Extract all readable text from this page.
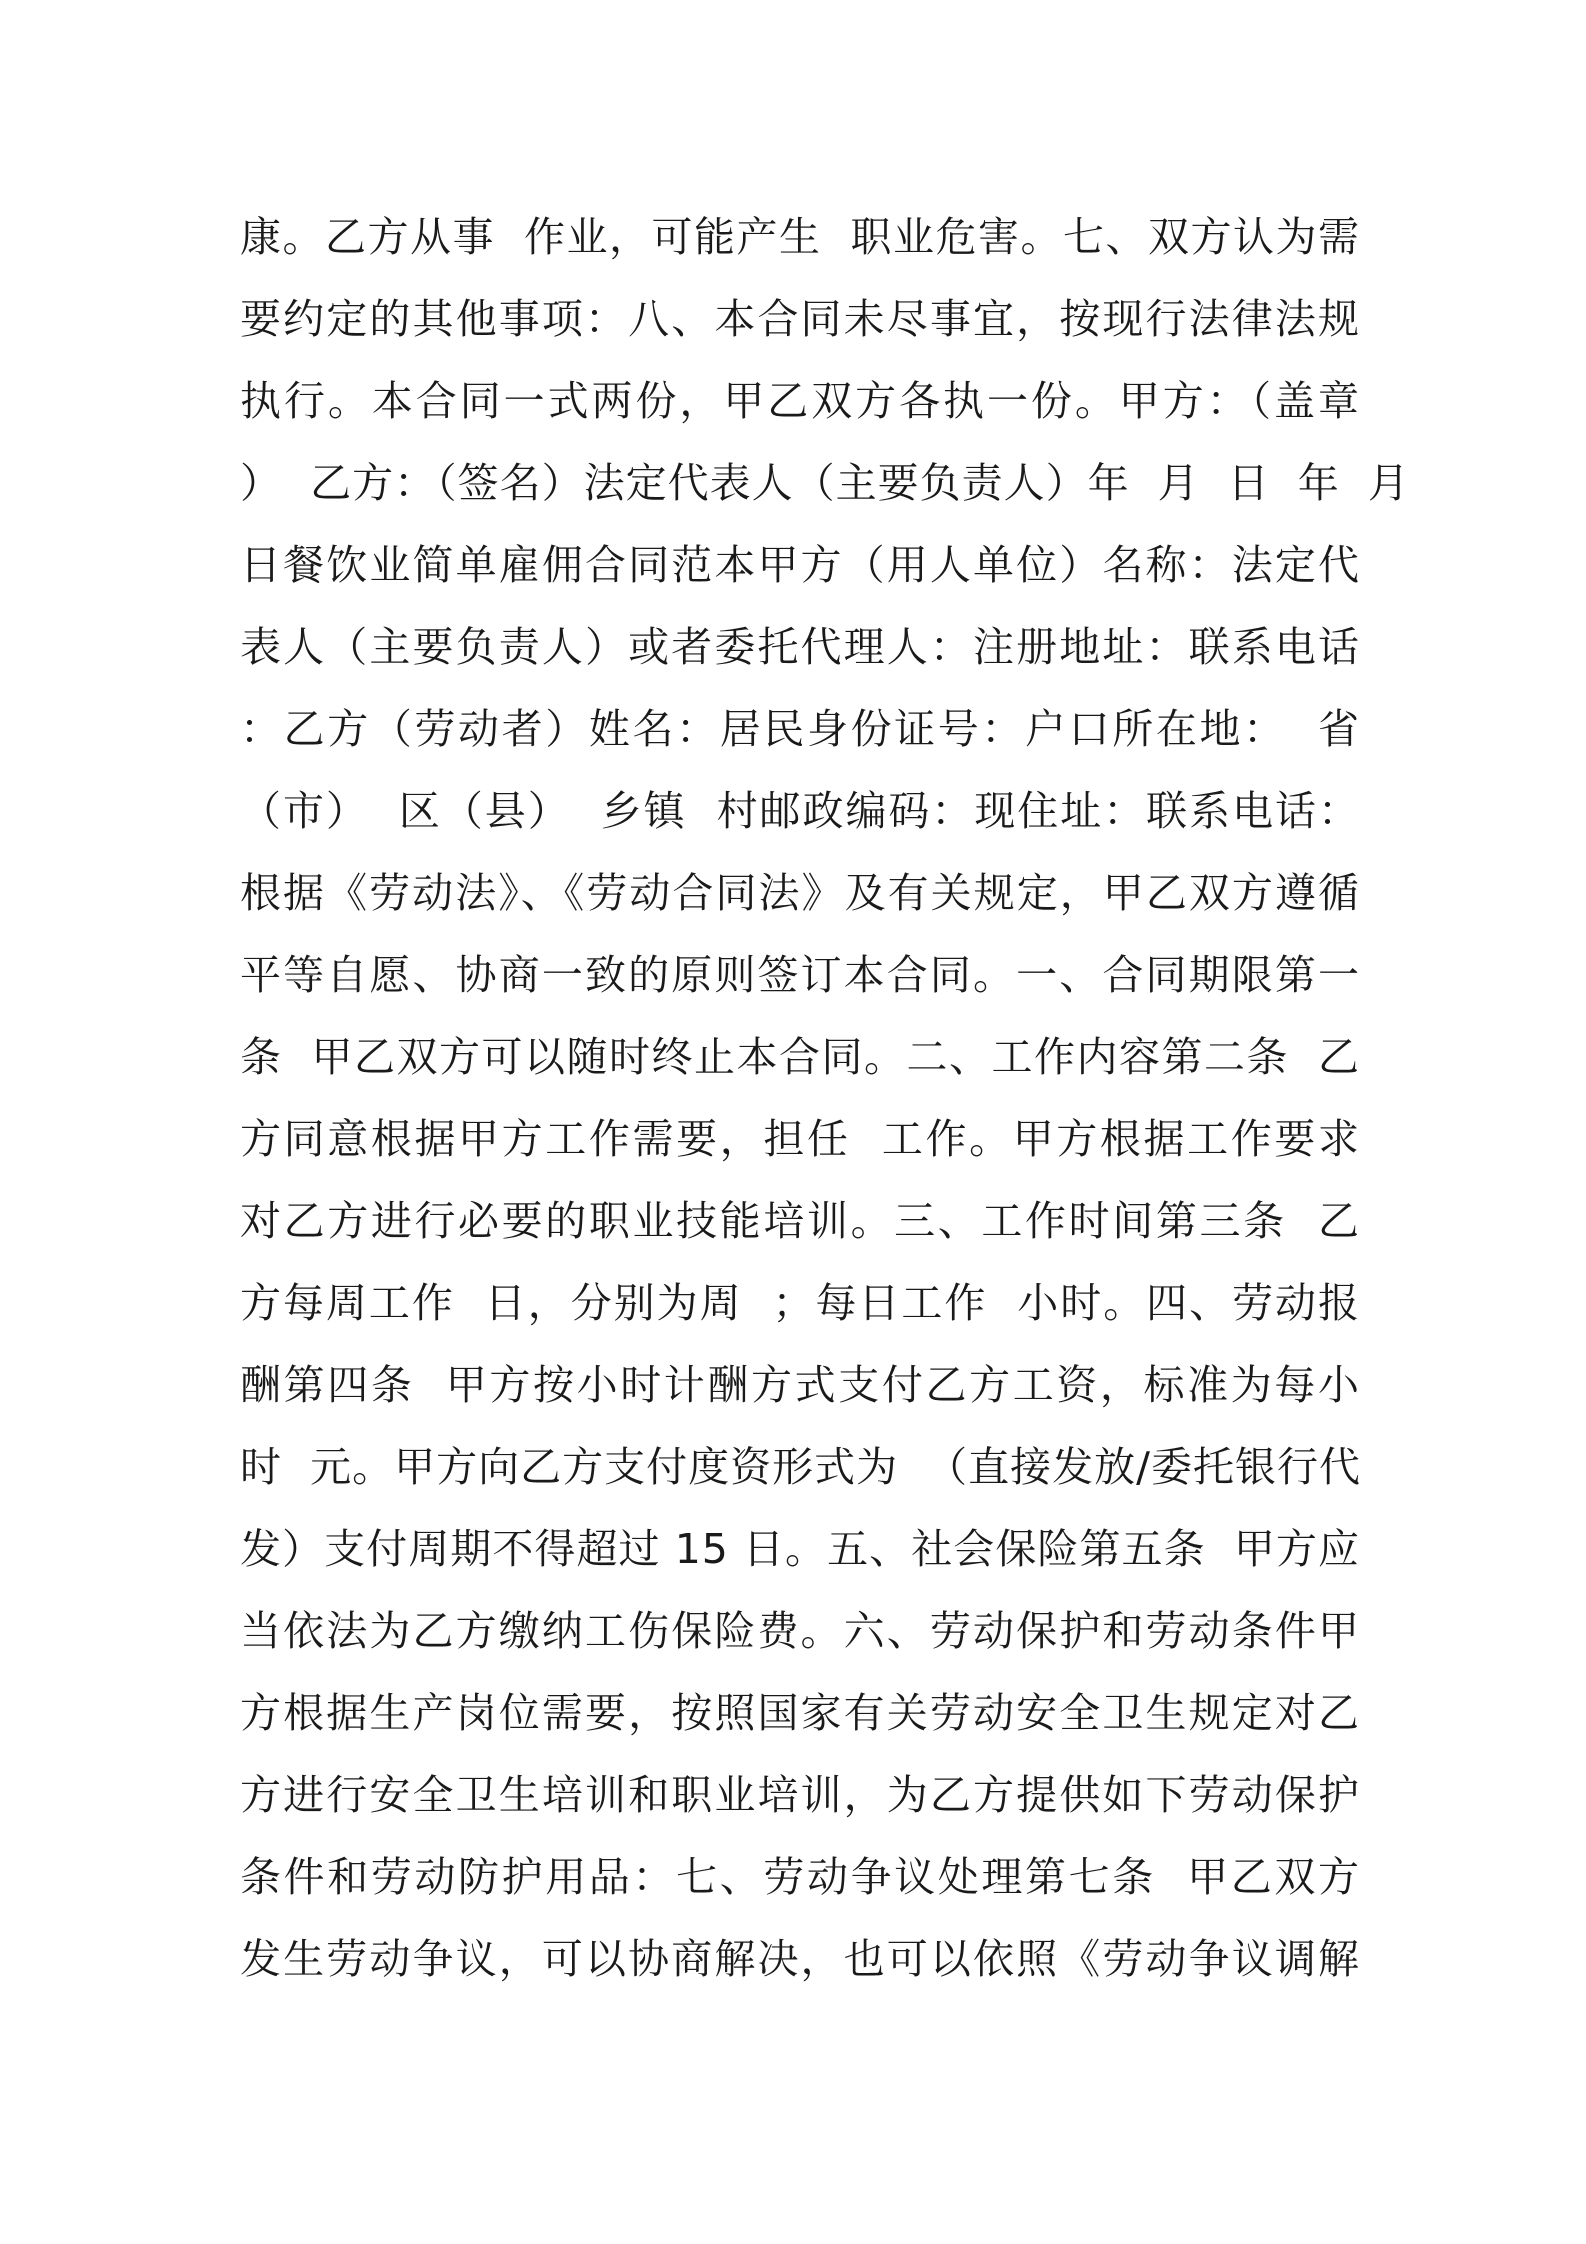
康。乙方从事  作业，可能产生  职业危害。七、双方认为需
要约定的其他事项：八、本合同未尽事宜，按现行法律法规
执行。本合同一式两份，甲乙双方各执一份。甲方：（盖章
）  乙方：（签名）法定代表人（主要负责人）年  月  日  年  月
日餐饮业简单雇佣合同范本甲方（用人单位）名称：法定代
表人（主要负责人）或者委托代理人：注册地址：联系电话
：乙方（劳动者）姓名：居民身份证号：户口所在地：  省
（市）  区（县）  乡镇  村邮政编码：现住址：联系电话：
根据《劳动法》、《劳动合同法》及有关规定，甲乙双方遵循
平等自愿、协商一致的原则签订本合同。一、合同期限第一
条  甲乙双方可以随时终止本合同。二、工作内容第二条  乙
方同意根据甲方工作需要，担任  工作。甲方根据工作要求
对乙方进行必要的职业技能培训。三、工作时间第三条  乙
方每周工作  日，分别为周  ；每日工作  小时。四、劳动报
酬第四条  甲方按小时计酬方式支付乙方工资，标准为每小
时  元。甲方向乙方支付度资形式为  （直接发放/委托银行代
发）支付周期不得超过 15 日。五、社会保险第五条  甲方应
当依法为乙方缴纳工伤保险费。六、劳动保护和劳动条件甲
方根据生产岗位需要，按照国家有关劳动安全卫生规定对乙
方进行安全卫生培训和职业培训，为乙方提供如下劳动保护
条件和劳动防护用品：七、劳动争议处理第七条  甲乙双方
发生劳动争议，可以协商解决，也可以依照《劳动争议调解
